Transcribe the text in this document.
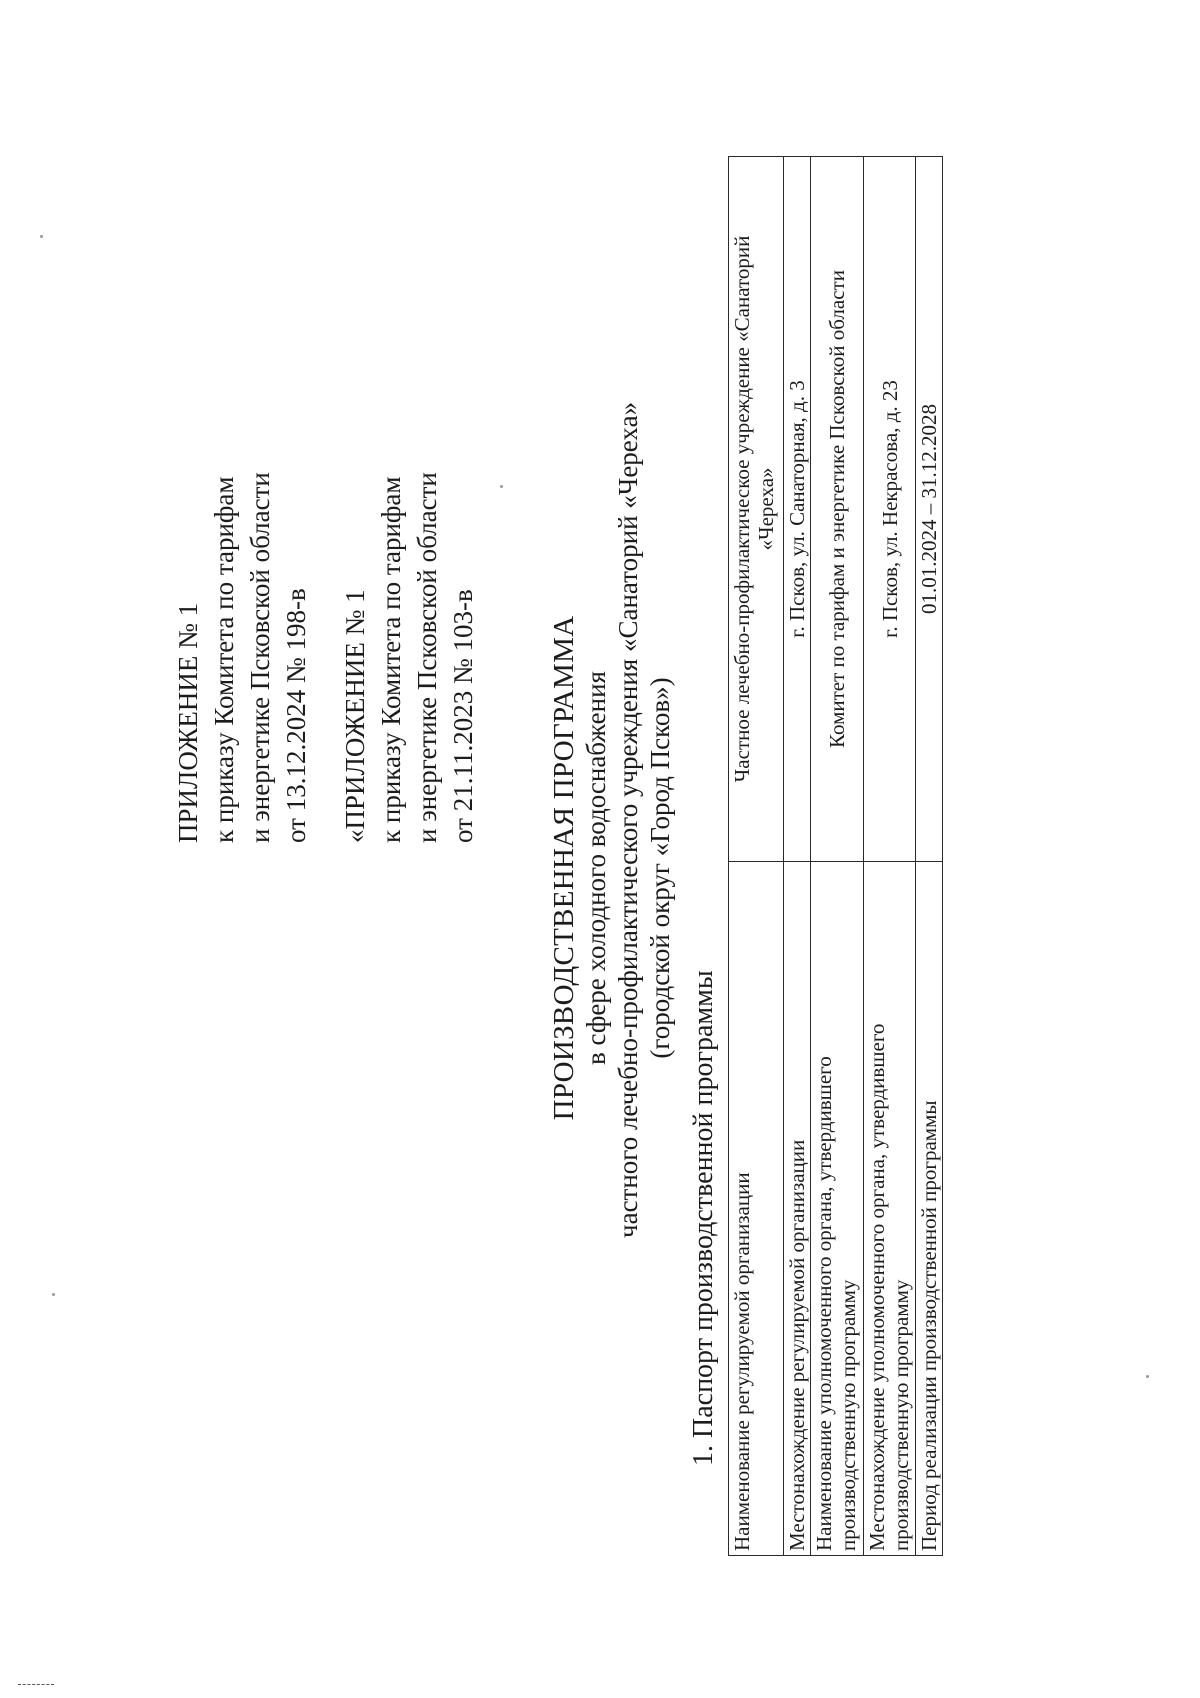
ПРИЛОЖЕНИЕ № 1 к приказу Комитета по тарифам и энергетике Псковской области от 13.12.2024 № 198-в «ПРИЛОЖЕНИЕ № 1 к приказу Комитета по тарифам и энергетике Псковской области от 21.11.2023 № 103-в ПРОИЗВОДСТВЕННАЯ ПРОГРАММА в сфере холодного водоснабжения частного лечебно-профилактического учреждения «Санаторий «Череха» (городской округ «Город Псков»)
1. Паспорт производственной программы Наименование регулируемой организации	Частное лечебно-профилактическое учреждение «Санаторий «Череха»

Местонахождение регулируемой организации	г. Псков, ул. Санаторная, д. 3

Наименование уполномоченного органа, утвердившего производственную программу	Комитет по тарифам и энергетике Псковской области

Местонахождение уполномоченного органа, утвердившего производственную программу	г. Псков, ул. Некрасова, д. 23
Период реализации производственной программы	01.01.2024 – 31.12.2028
